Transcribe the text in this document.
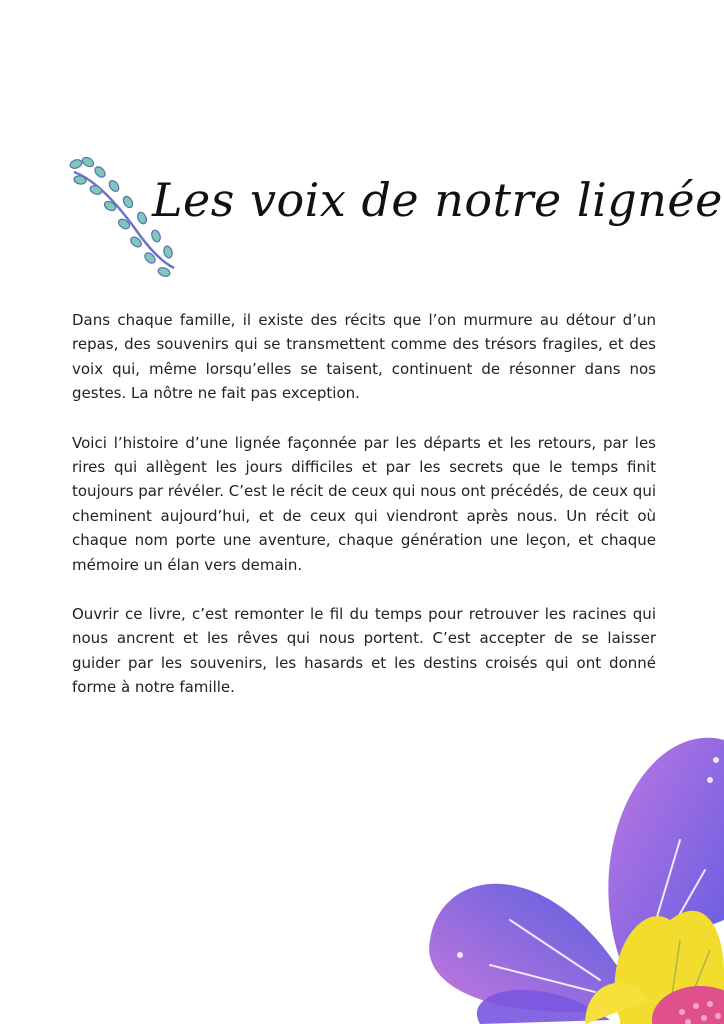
Les voix de notre lignée

Dans chaque famille, il existe des récits que l’on murmure au détour d’un repas, des souvenirs qui se transmettent comme des trésors fragiles, et des voix qui, même lorsqu’elles se taisent, continuent de résonner dans nos gestes. La nôtre ne fait pas exception.

Voici l’histoire d’une lignée façonnée par les départs et les retours, par les rires qui allègent les jours difficiles et par les secrets que le temps finit toujours par révéler. C’est le récit de ceux qui nous ont précédés, de ceux qui cheminent aujourd’hui, et de ceux qui viendront après nous. Un récit où chaque nom porte une aventure, chaque génération une leçon, et chaque mémoire un élan vers demain.

Ouvrir ce livre, c’est remonter le fil du temps pour retrouver les racines qui nous ancrent et les rêves qui nous portent. C’est accepter de se laisser guider par les souvenirs, les hasards et les destins croisés qui ont donné forme à notre famille.
